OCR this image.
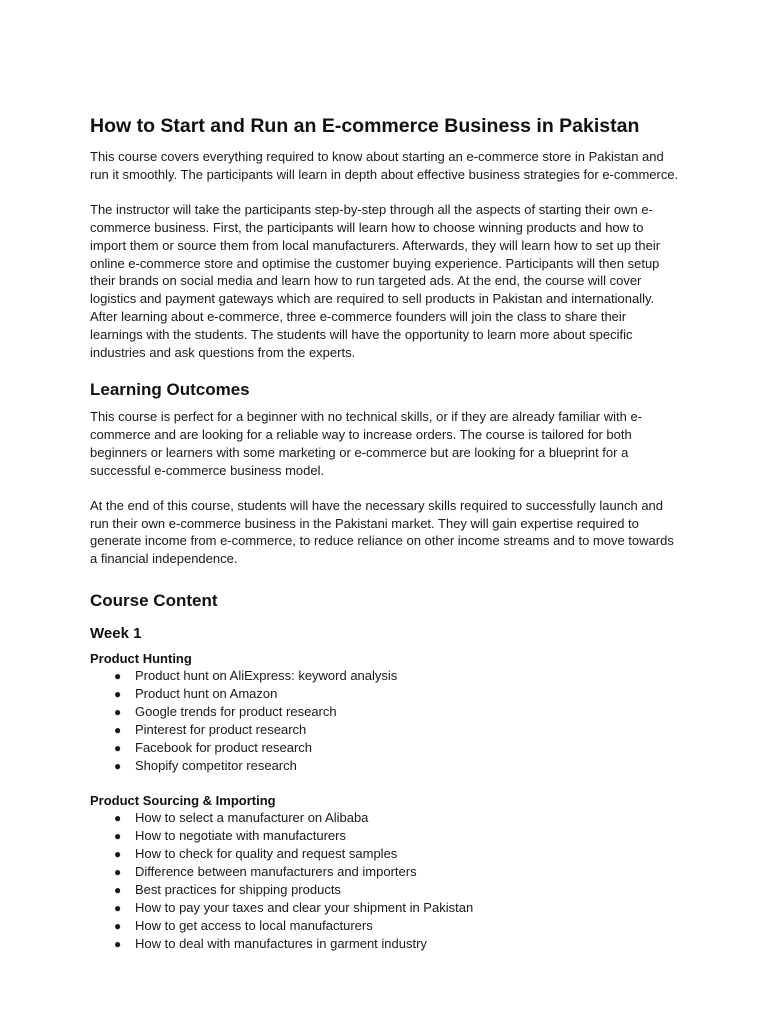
How to Start and Run an E-commerce Business in Pakistan

This course covers everything required to know about starting an e-commerce store in Pakistan and run it smoothly. The participants will learn in depth about effective business strategies for e-commerce.

The instructor will take the participants step-by-step through all the aspects of starting their own e-commerce business. First, the participants will learn how to choose winning products and how to import them or source them from local manufacturers. Afterwards, they will learn how to set up their online e-commerce store and optimise the customer buying experience. Participants will then setup their brands on social media and learn how to run targeted ads. At the end, the course will cover logistics and payment gateways which are required to sell products in Pakistan and internationally. After learning about e-commerce, three e-commerce founders will join the class to share their learnings with the students. The students will have the opportunity to learn more about specific industries and ask questions from the experts.

Learning Outcomes

This course is perfect for a beginner with no technical skills, or if they are already familiar with e-commerce and are looking for a reliable way to increase orders. The course is tailored for both beginners or learners with some marketing or e-commerce but are looking for a blueprint for a successful e-commerce business model.

At the end of this course, students will have the necessary skills required to successfully launch and run their own e-commerce business in the Pakistani market. They will gain expertise required to generate income from e-commerce, to reduce reliance on other income streams and to move towards a financial independence.

Course Content
Week 1
Product Hunting
● Product hunt on AliExpress: keyword analysis
● Product hunt on Amazon
● Google trends for product research
● Pinterest for product research
● Facebook for product research
● Shopify competitor research
Product Sourcing & Importing
● How to select a manufacturer on Alibaba
● How to negotiate with manufacturers
● How to check for quality and request samples
● Difference between manufacturers and importers
● Best practices for shipping products
● How to pay your taxes and clear your shipment in Pakistan
● How to get access to local manufacturers
● How to deal with manufactures in garment industry
